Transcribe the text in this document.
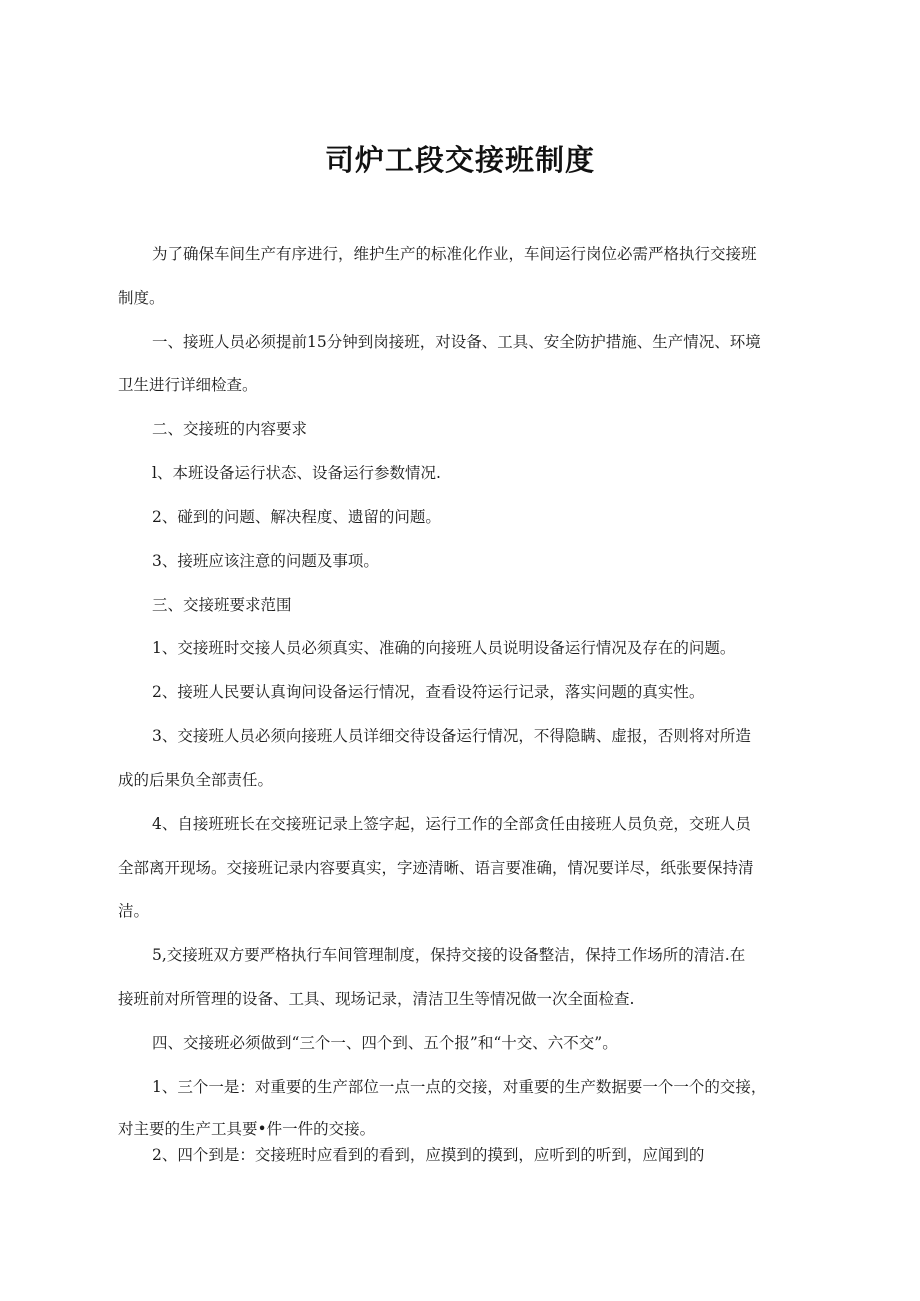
司炉工段交接班制度
为了确保车间生产有序进行，维护生产的标准化作业，车间运行岗位必需严格执行交接班
制度。
一、接班人员必须提前15分钟到岗接班，对设备、工具、安全防护措施、生产情况、环境
卫生进行详细检查。
二、交接班的内容要求
l、本班设备运行状态、设备运行参数情况.
2、碰到的问题、解决程度、遗留的问题。
3、接班应该注意的问题及事项。
三、交接班要求范围
1、交接班时交接人员必须真实、准确的向接班人员说明设备运行情况及存在的问题。
2、接班人民要认真询问设备运行情况，查看设符运行记录，落实问题的真实性。
3、交接班人员必须向接班人员详细交待设备运行情况，不得隐瞒、虚报，否则将对所造
成的后果负全部责任。
4、自接班班长在交接班记录上签字起，运行工作的全部贪任由接班人员负竞，交班人员
全部离开现场。交接班记录内容要真实，字迹清晰、语言要准确，情况要详尽，纸张要保持清
洁。
5,交接班双方要严格执行车间管理制度，保持交接的设备整洁，保持工作场所的清洁.在
接班前对所管理的设备、工具、现场记录，清洁卫生等情况做一次全面检查.
四、交接班必须做到“三个一、四个到、五个报”和“十交、六不交”。
1、三个一是：对重要的生产部位一点一点的交接，对重要的生产数据要一个一个的交接，
对主要的生产工具要•件一件的交接。
2、四个到是：交接班时应看到的看到，应摸到的摸到，应听到的听到，应闻到的
